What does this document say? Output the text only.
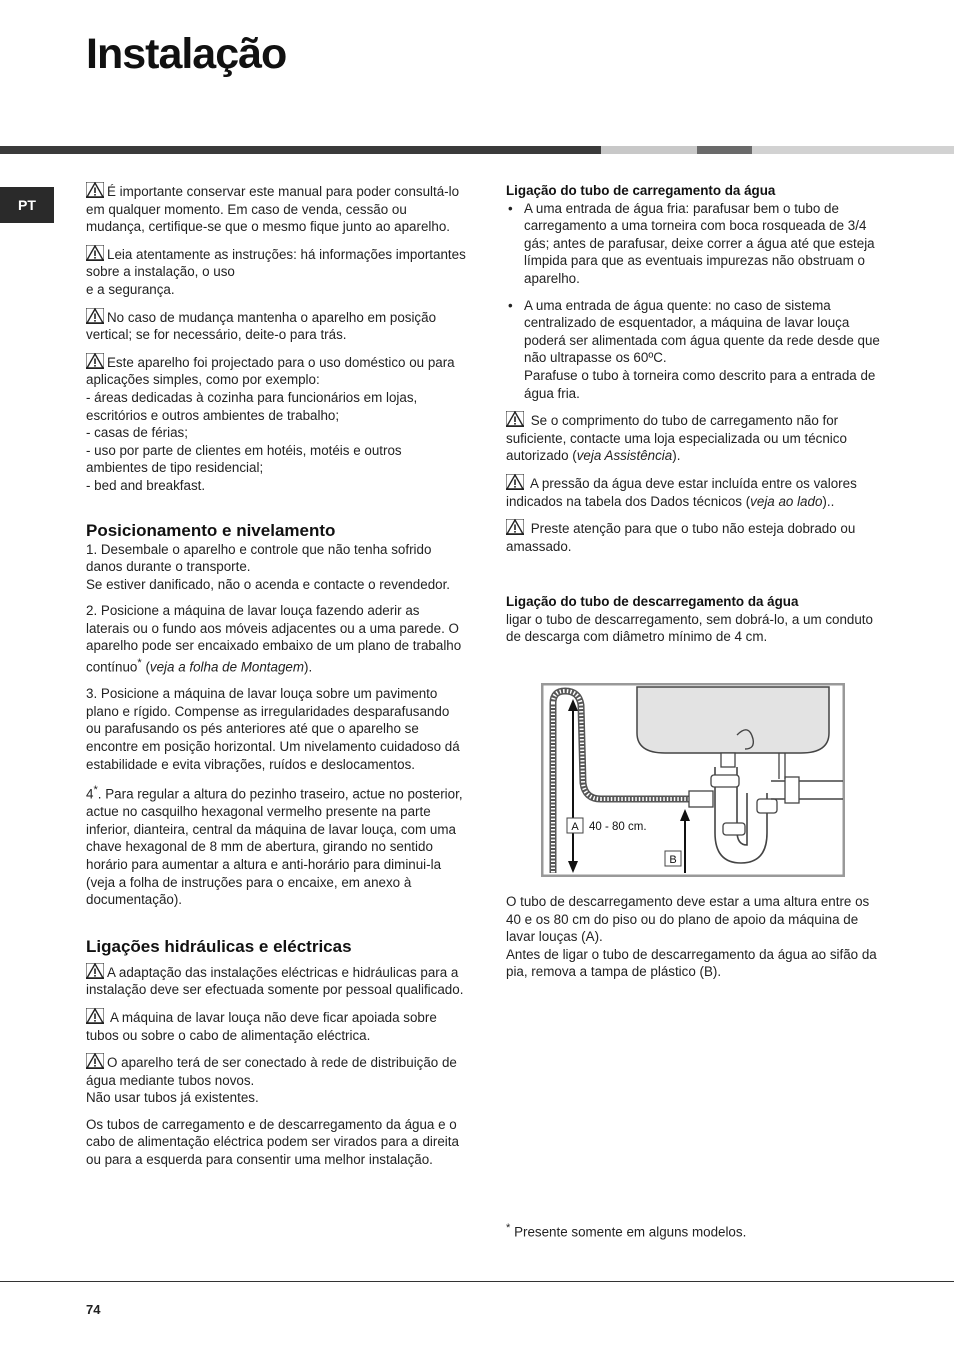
Instalação
PT

É importante conservar este manual para poder consultá-lo em qualquer momento. Em caso de venda, cessão ou mudança, certifique-se que o mesmo fique junto ao aparelho.

Leia atentamente as instruções: há informações importantes sobre a instalação, o uso
e a segurança.

No caso de mudança mantenha o aparelho em posição vertical; se for necessário, deite-o para trás.

Este aparelho foi projectado para o uso doméstico ou para aplicações simples, como por exemplo:
- áreas dedicadas à cozinha para funcionários em lojas, escritórios e outros ambientes de trabalho;
- casas de férias;
- uso por parte de clientes em hotéis, motéis e outros ambientes de tipo residencial;
- bed and breakfast.

Posicionamento e nivelamento

1. Desembale o aparelho e controle que não tenha sofrido danos durante o transporte.
Se estiver danificado, não o acenda e contacte o revendedor.

2. Posicione a máquina de lavar louça fazendo aderir as laterais ou o fundo aos móveis adjacentes ou a uma parede. O aparelho pode ser encaixado embaixo de um plano de trabalho contínuo* (veja a folha de Montagem).

3. Posicione a máquina de lavar louça sobre um pavimento plano e rígido. Compense as irregularidades desparafusando ou parafusando os pés anteriores até que o aparelho se encontre em posição horizontal. Um nivelamento cuidadoso dá estabilidade e evita vibrações, ruídos e deslocamentos.

4*. Para regular a altura do pezinho traseiro, actue no posterior, actue no casquilho hexagonal vermelho presente na parte inferior, dianteira, central da máquina de lavar louça, com uma chave hexagonal de 8 mm de abertura, girando no sentido horário para aumentar a altura e anti-horário para diminui-la (veja a folha de instruções para o encaixe, em anexo à documentação).

Ligações hidráulicas e eléctricas

A adaptação das instalações eléctricas e hidráulicas para a instalação deve ser efectuada somente por pessoal qualificado.

A máquina de lavar louça não deve ficar apoiada sobre tubos ou sobre o cabo de alimentação eléctrica.

O aparelho terá de ser conectado à rede de distribuição de água mediante tubos novos.
Não usar tubos já existentes.

Os tubos de carregamento e de descarregamento da água e o cabo de alimentação eléctrica podem ser virados para a direita ou para a esquerda para consentir uma melhor instalação.

Ligação do tubo de carregamento da água
• A uma entrada de água fria: parafusar bem o tubo de carregamento a uma torneira com boca rosqueada de 3/4 gás; antes de parafusar, deixe correr a água até que esteja límpida para que as eventuais impurezas não obstruam o aparelho.
• A uma entrada de água quente: no caso de sistema centralizado de esquentador, a máquina de lavar louça poderá ser alimentada com água quente da rede desde que não ultrapasse os 60ºC.
Parafuse o tubo à torneira como descrito para a entrada de água fria.

Se o comprimento do tubo de carregamento não for suficiente, contacte uma loja especializada ou um técnico autorizado (veja Assistência).

A pressão da água deve estar incluída entre os valores indicados na tabela dos Dados técnicos (veja ao lado)..

Preste atenção para que o tubo não esteja dobrado ou amassado.

Ligação do tubo de descarregamento da água

ligar o tubo de descarregamento, sem dobrá-lo, a um conduto de descarga com diâmetro mínimo de 4 cm.

A 40 - 80 cm.
B

O tubo de descarregamento deve estar a uma altura entre os 40 e os 80 cm do piso ou do plano de apoio da máquina de lavar louças (A).
Antes de ligar o tubo de descarregamento da água ao sifão da pia, remova a tampa de plástico (B).

* Presente somente em alguns modelos.
74
